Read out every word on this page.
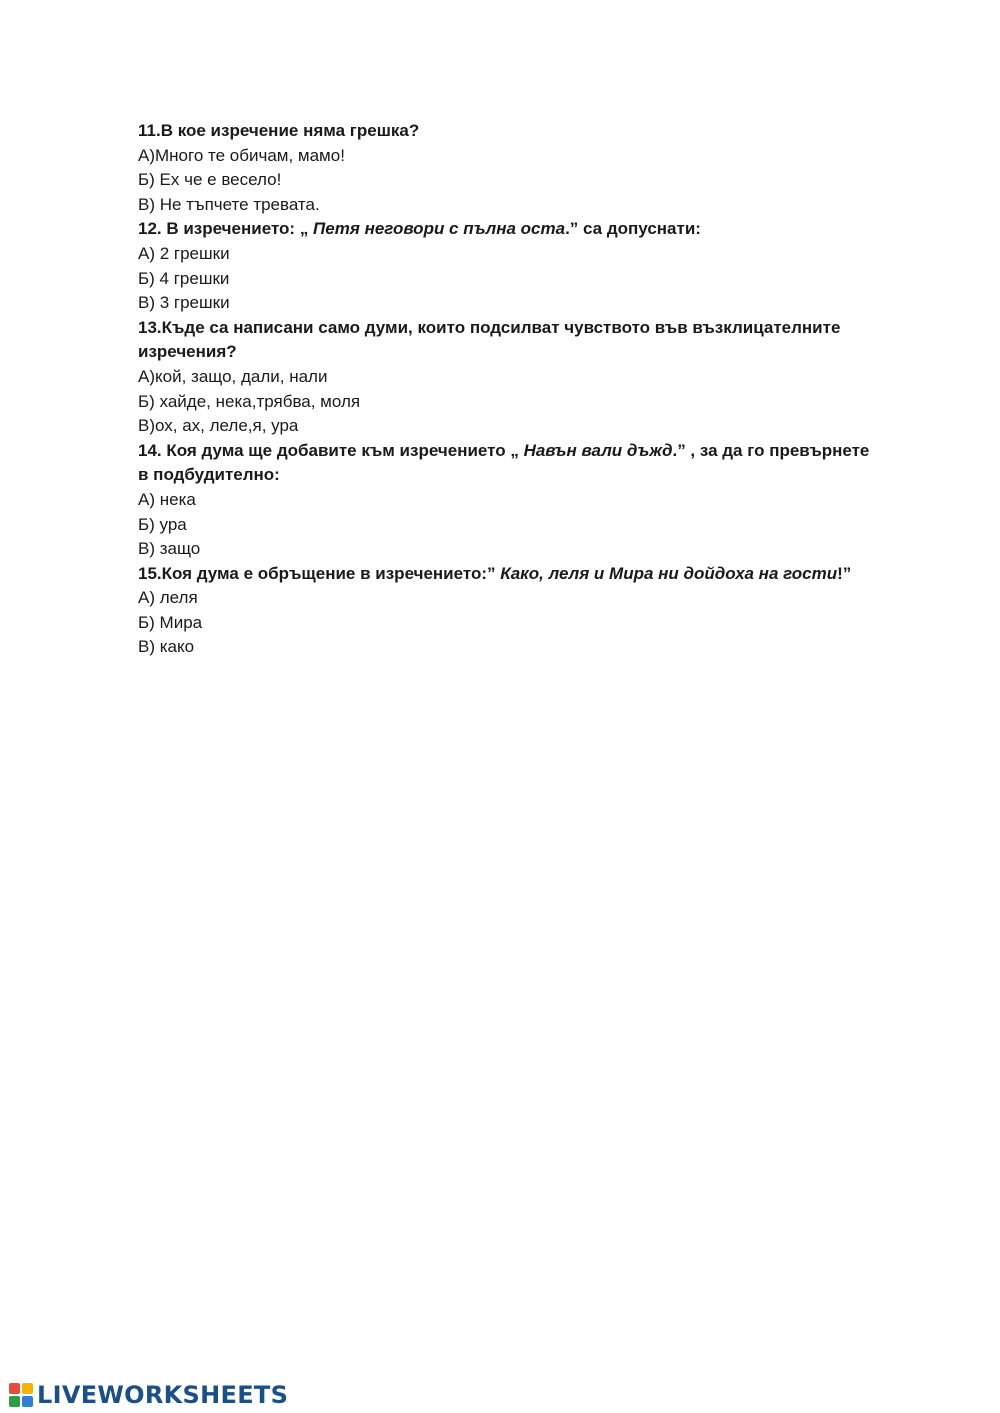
11.В кое изречение няма грешка?
А)Много те обичам, мамо!
Б) Ех че е весело!
В) Не тъпчете тревата.
12. В изречението: „ Петя неговори с пълна оста.” са допуснати:
А) 2 грешки
Б) 4 грешки
В) 3 грешки
13.Къде са написани само думи, които подсилват чувството във възклицателните изречения?
А)кой, защо, дали, нали
Б) хайде, нека,трябва, моля
В)ох, ах, леле,я, ура
14. Коя дума ще добавите към изречението „ Навън вали дъжд.” , за да го превърнете в подбудително:
А) нека
Б) ура
В) защо
15.Коя дума е обръщение в изречението:” Како, леля и Мира ни дойдоха на гости!”
А) леля
Б) Мира
В) како
LIVEWORKSHEETS
